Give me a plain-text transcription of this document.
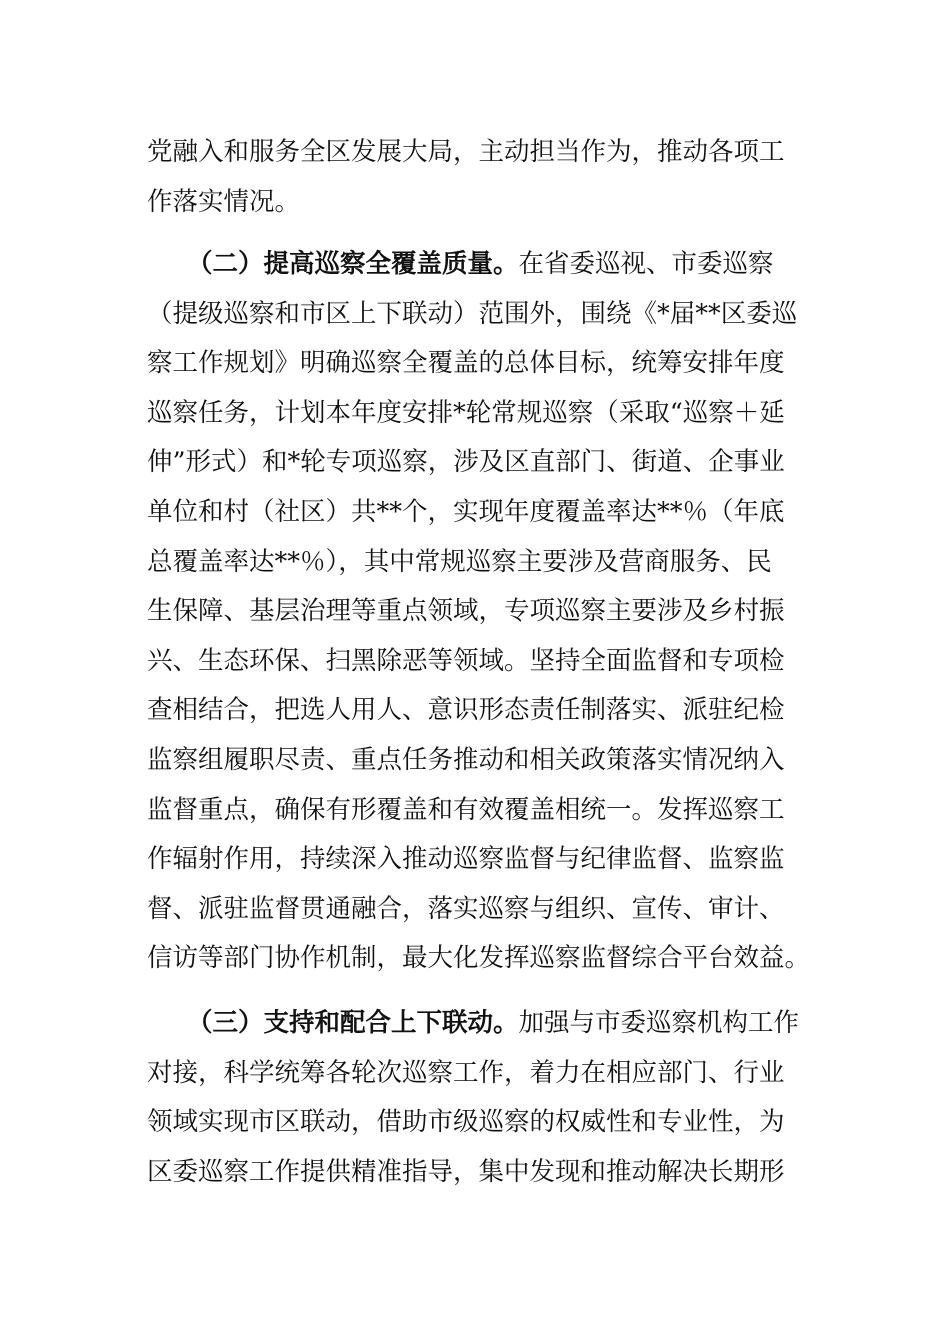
党融入和服务全区发展大局，主动担当作为，推动各项工
作落实情况。
（二）提高巡察全覆盖质量。在省委巡视、市委巡察
（提级巡察和市区上下联动）范围外，围绕《*届**区委巡
察工作规划》明确巡察全覆盖的总体目标，统筹安排年度
巡察任务，计划本年度安排*轮常规巡察（采取“巡察＋延
伸”形式）和*轮专项巡察，涉及区直部门、街道、企事业
单位和村（社区）共**个，实现年度覆盖率达**％（年底
总覆盖率达**％），其中常规巡察主要涉及营商服务、民
生保障、基层治理等重点领域，专项巡察主要涉及乡村振
兴、生态环保、扫黑除恶等领域。坚持全面监督和专项检
查相结合，把选人用人、意识形态责任制落实、派驻纪检
监察组履职尽责、重点任务推动和相关政策落实情况纳入
监督重点，确保有形覆盖和有效覆盖相统一。发挥巡察工
作辐射作用，持续深入推动巡察监督与纪律监督、监察监
督、派驻监督贯通融合，落实巡察与组织、宣传、审计、
信访等部门协作机制，最大化发挥巡察监督综合平台效益。
（三）支持和配合上下联动。加强与市委巡察机构工作
对接，科学统筹各轮次巡察工作，着力在相应部门、行业
领域实现市区联动，借助市级巡察的权威性和专业性，为
区委巡察工作提供精准指导，集中发现和推动解决长期形
